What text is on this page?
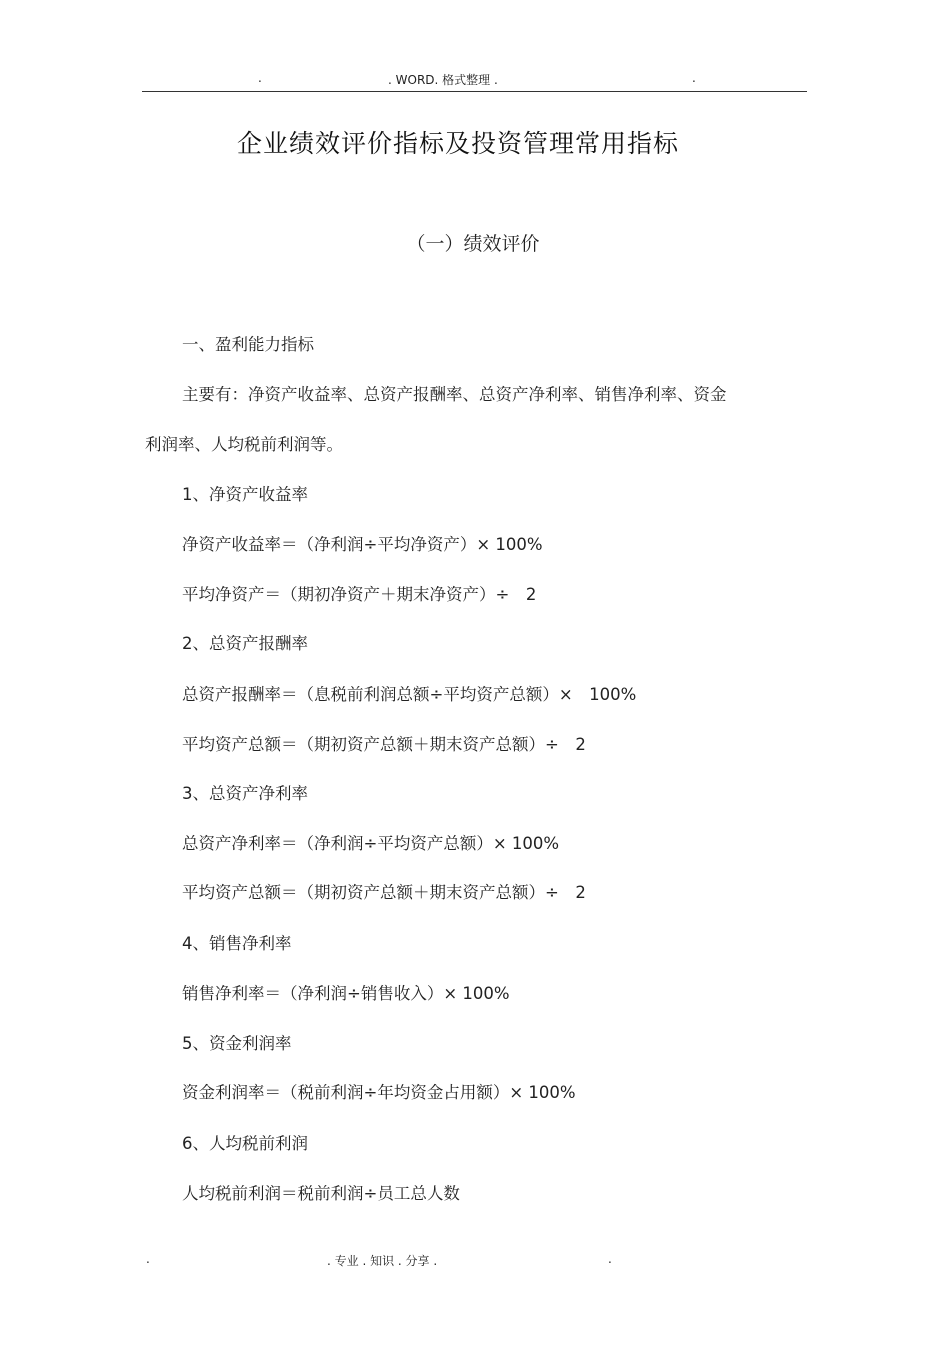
.	. WORD. 格式整理 .	.
企业绩效评价指标及投资管理常用指标
（一）绩效评价
一、盈利能力指标
主要有：净资产收益率、总资产报酬率、总资产净利率、销售净利率、资金
利润率、人均税前利润等。
1、净资产收益率
净资产收益率＝（净利润÷平均净资产）× 100%
平均净资产＝（期初净资产＋期末净资产）÷　2
2、总资产报酬率
总资产报酬率＝（息税前利润总额÷平均资产总额）×　100%
平均资产总额＝（期初资产总额＋期末资产总额）÷　2
3、总资产净利率
总资产净利率＝（净利润÷平均资产总额）× 100%
平均资产总额＝（期初资产总额＋期末资产总额）÷　2
4、销售净利率
销售净利率＝（净利润÷销售收入）× 100%
5、资金利润率
资金利润率＝（税前利润÷年均资金占用额）× 100%
6、人均税前利润
人均税前利润＝税前利润÷员工总人数
.	. 专业 . 知识 . 分享 .	.
